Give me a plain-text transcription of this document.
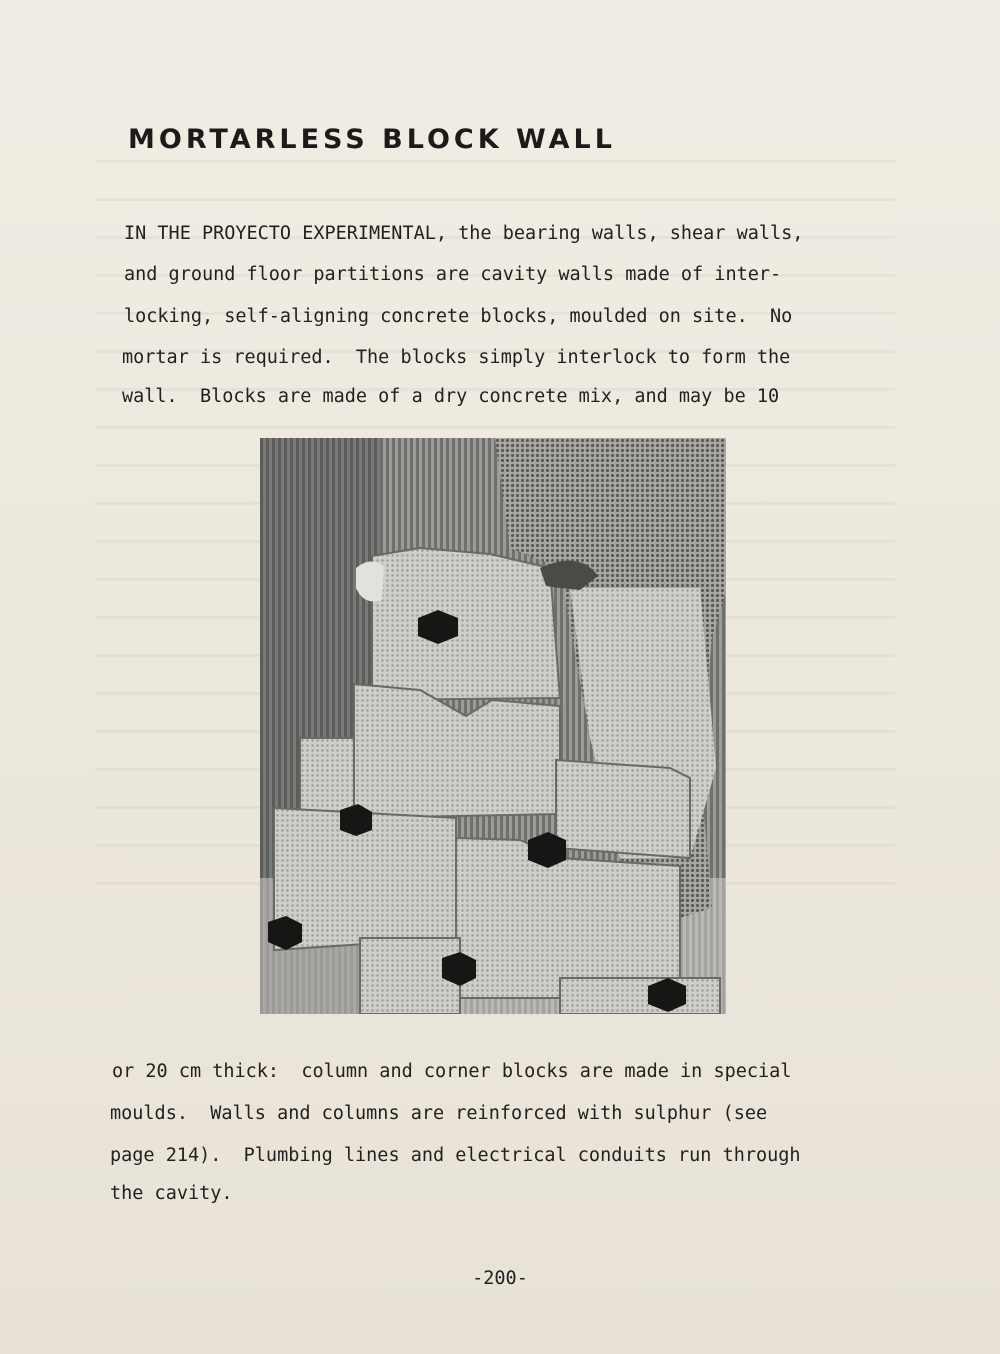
MORTARLESS BLOCK WALL

IN THE PROYECTO EXPERIMENTAL, the bearing walls, shear walls,

and ground floor partitions are cavity walls made of inter-

locking, self-aligning concrete blocks, moulded on site.  No

mortar is required.  The blocks simply interlock to form the

wall.  Blocks are made of a dry concrete mix, and may be 10

or 20 cm thick:  column and corner blocks are made in special

moulds.  Walls and columns are reinforced with sulphur (see

page 214).  Plumbing lines and electrical conduits run through

the cavity.

-200-
